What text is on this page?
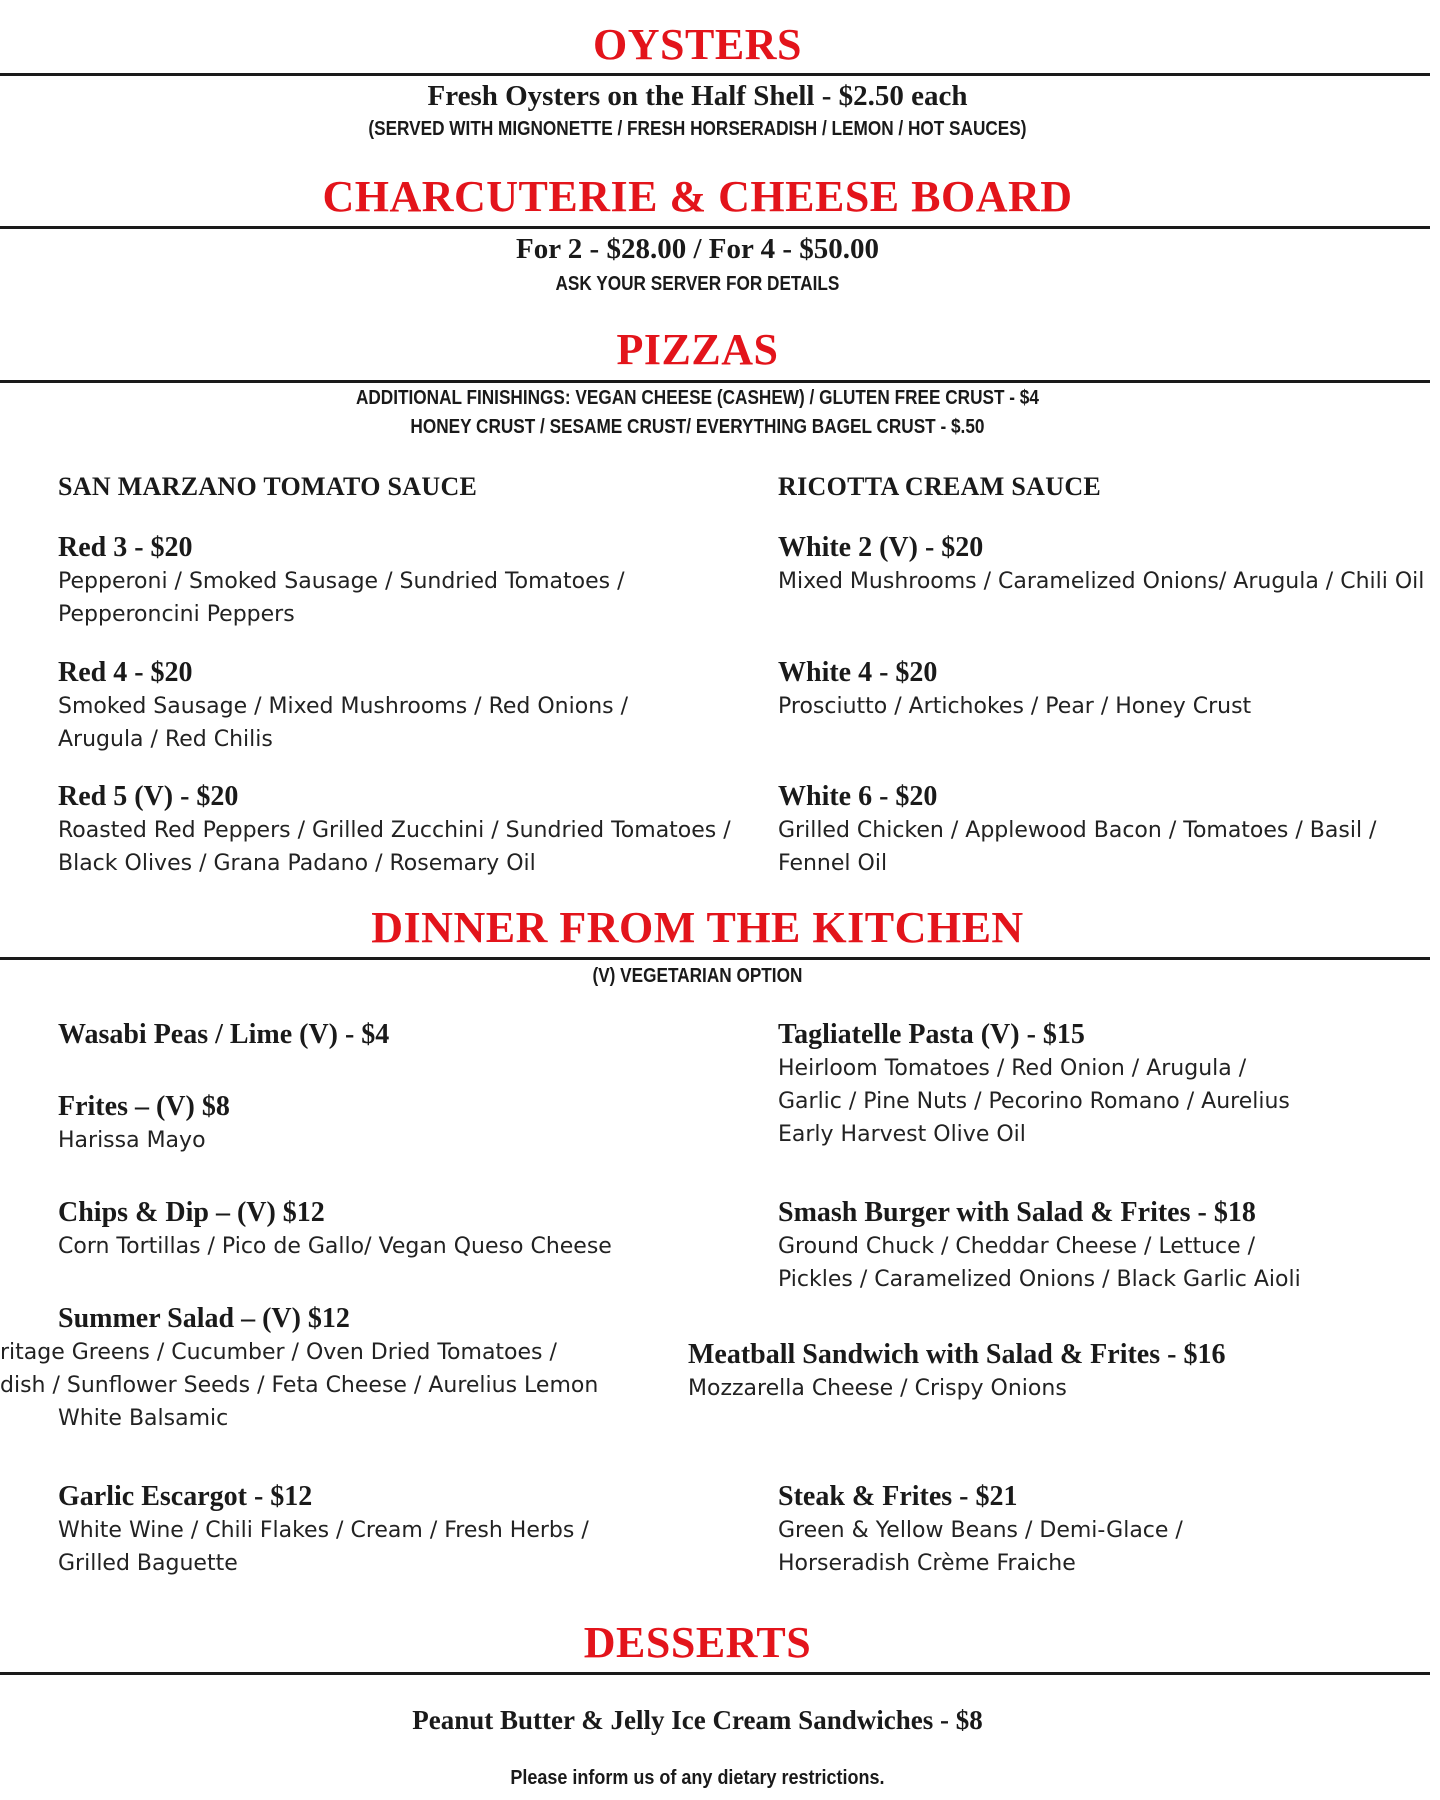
OYSTERS
Fresh Oysters on the Half Shell - $2.50 each
(SERVED WITH MIGNONETTE / FRESH HORSERADISH / LEMON / HOT SAUCES)
CHARCUTERIE & CHEESE BOARD
For 2 - $28.00 / For 4 - $50.00
ASK YOUR SERVER FOR DETAILS
PIZZAS
ADDITIONAL FINISHINGS: VEGAN CHEESE (CASHEW) / GLUTEN FREE CRUST - $4
HONEY CRUST / SESAME CRUST/ EVERYTHING BAGEL CRUST - $.50
SAN MARZANO TOMATO SAUCE	RICOTTA CREAM SAUCE
Red 3 - $20
Pepperoni / Smoked Sausage / Sundried Tomatoes /
Pepperoncini Peppers
Red 4 - $20
Smoked Sausage / Mixed Mushrooms / Red Onions /
Arugula / Red Chilis
Red 5 (V) - $20
Roasted Red Peppers / Grilled Zucchini / Sundried Tomatoes /
Black Olives / Grana Padano / Rosemary Oil
White 2 (V) - $20
Mixed Mushrooms / Caramelized Onions/ Arugula / Chili Oil
White 4 - $20
Prosciutto / Artichokes / Pear / Honey Crust
White 6 - $20
Grilled Chicken / Applewood Bacon / Tomatoes / Basil /
Fennel Oil
DINNER FROM THE KITCHEN
(V) VEGETARIAN OPTION
Wasabi Peas / Lime (V) - $4
Frites – (V) $8
Harissa Mayo
Chips & Dip – (V) $12
Corn Tortillas / Pico de Gallo/ Vegan Queso Cheese
Summer Salad – (V) $12
ritage Greens / Cucumber / Oven Dried Tomatoes /
dish / Sunflower Seeds / Feta Cheese / Aurelius Lemon
White Balsamic
Garlic Escargot - $12
White Wine / Chili Flakes / Cream / Fresh Herbs /
Grilled Baguette
Tagliatelle Pasta (V) - $15
Heirloom Tomatoes / Red Onion / Arugula /
Garlic / Pine Nuts / Pecorino Romano / Aurelius
Early Harvest Olive Oil
Smash Burger with Salad & Frites - $18
Ground Chuck / Cheddar Cheese / Lettuce /
Pickles / Caramelized Onions / Black Garlic Aioli
Meatball Sandwich with Salad & Frites - $16
Mozzarella Cheese / Crispy Onions
Steak & Frites - $21
Green & Yellow Beans / Demi-Glace /
Horseradish Crème Fraiche
DESSERTS
Peanut Butter & Jelly Ice Cream Sandwiches - $8
Please inform us of any dietary restrictions.
